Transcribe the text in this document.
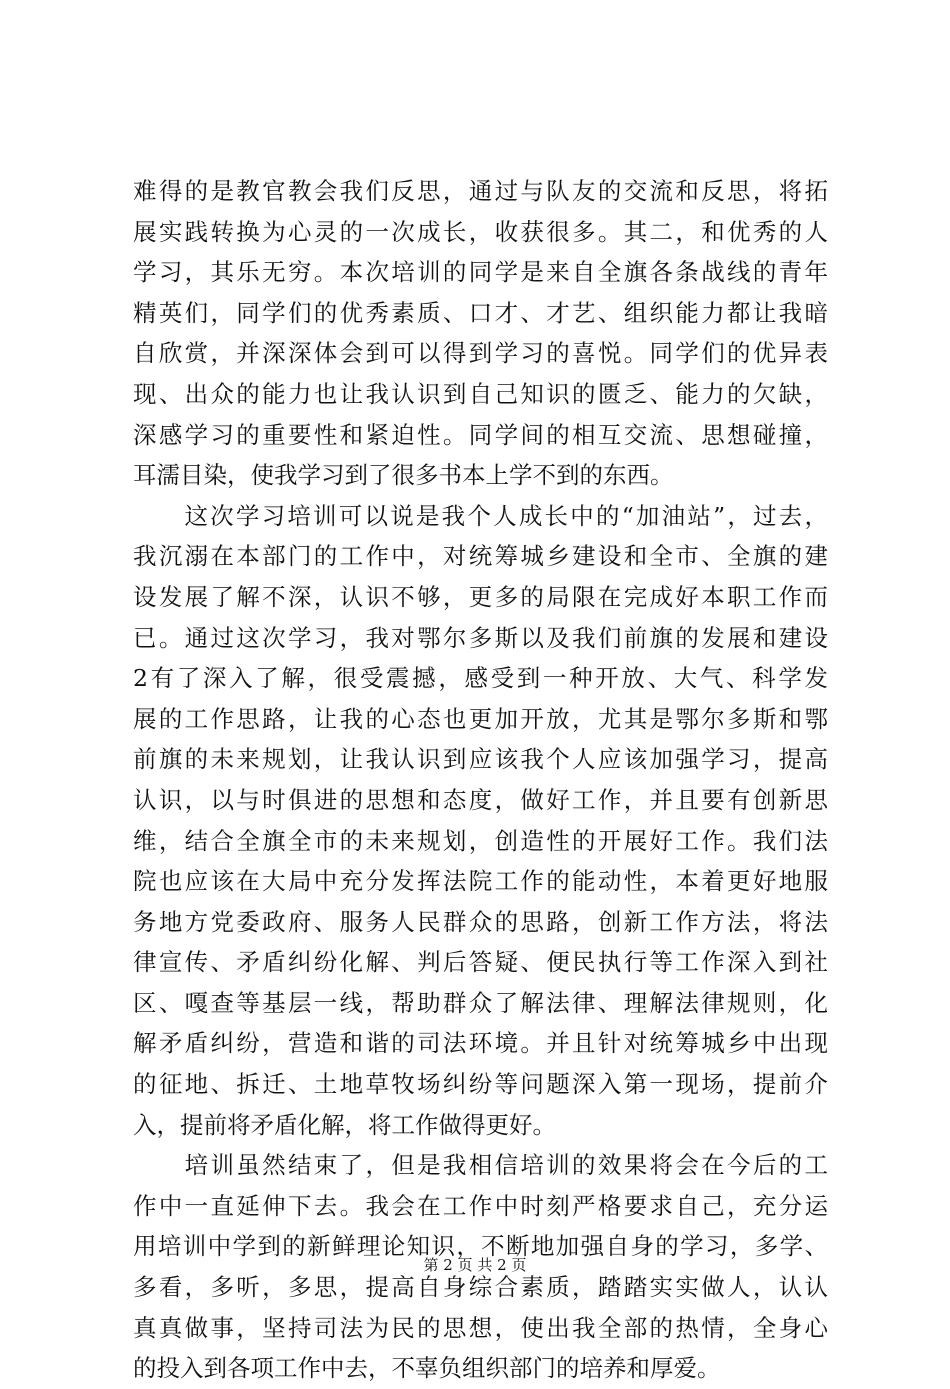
难得的是教官教会我们反思，通过与队友的交流和反思，将拓
展实践转换为心灵的一次成长，收获很多。其二，和优秀的人
学习，其乐无穷。本次培训的同学是来自全旗各条战线的青年
精英们，同学们的优秀素质、口才、才艺、组织能力都让我暗
自欣赏，并深深体会到可以得到学习的喜悦。同学们的优异表
现、出众的能力也让我认识到自己知识的匮乏、能力的欠缺，
深感学习的重要性和紧迫性。同学间的相互交流、思想碰撞，
耳濡目染，使我学习到了很多书本上学不到的东西。
　　这次学习培训可以说是我个人成长中的“加油站”，过去，
我沉溺在本部门的工作中，对统筹城乡建设和全市、全旗的建
设发展了解不深，认识不够，更多的局限在完成好本职工作而
已。通过这次学习，我对鄂尔多斯以及我们前旗的发展和建设
2有了深入了解，很受震撼，感受到一种开放、大气、科学发
展的工作思路，让我的心态也更加开放，尤其是鄂尔多斯和鄂
前旗的未来规划，让我认识到应该我个人应该加强学习，提高
认识，以与时俱进的思想和态度，做好工作，并且要有创新思
维，结合全旗全市的未来规划，创造性的开展好工作。我们法
院也应该在大局中充分发挥法院工作的能动性，本着更好地服
务地方党委政府、服务人民群众的思路，创新工作方法，将法
律宣传、矛盾纠纷化解、判后答疑、便民执行等工作深入到社
区、嘎查等基层一线，帮助群众了解法律、理解法律规则，化
解矛盾纠纷，营造和谐的司法环境。并且针对统筹城乡中出现
的征地、拆迁、土地草牧场纠纷等问题深入第一现场，提前介
入，提前将矛盾化解，将工作做得更好。
　　培训虽然结束了，但是我相信培训的效果将会在今后的工
作中一直延伸下去。我会在工作中时刻严格要求自己，充分运
用培训中学到的新鲜理论知识，不断地加强自身的学习，多学、
多看，多听，多思，提高自身综合素质，踏踏实实做人，认认
真真做事，坚持司法为民的思想，使出我全部的热情，全身心
的投入到各项工作中去，不辜负组织部门的培养和厚爱。
第 2 页 共 2 页
